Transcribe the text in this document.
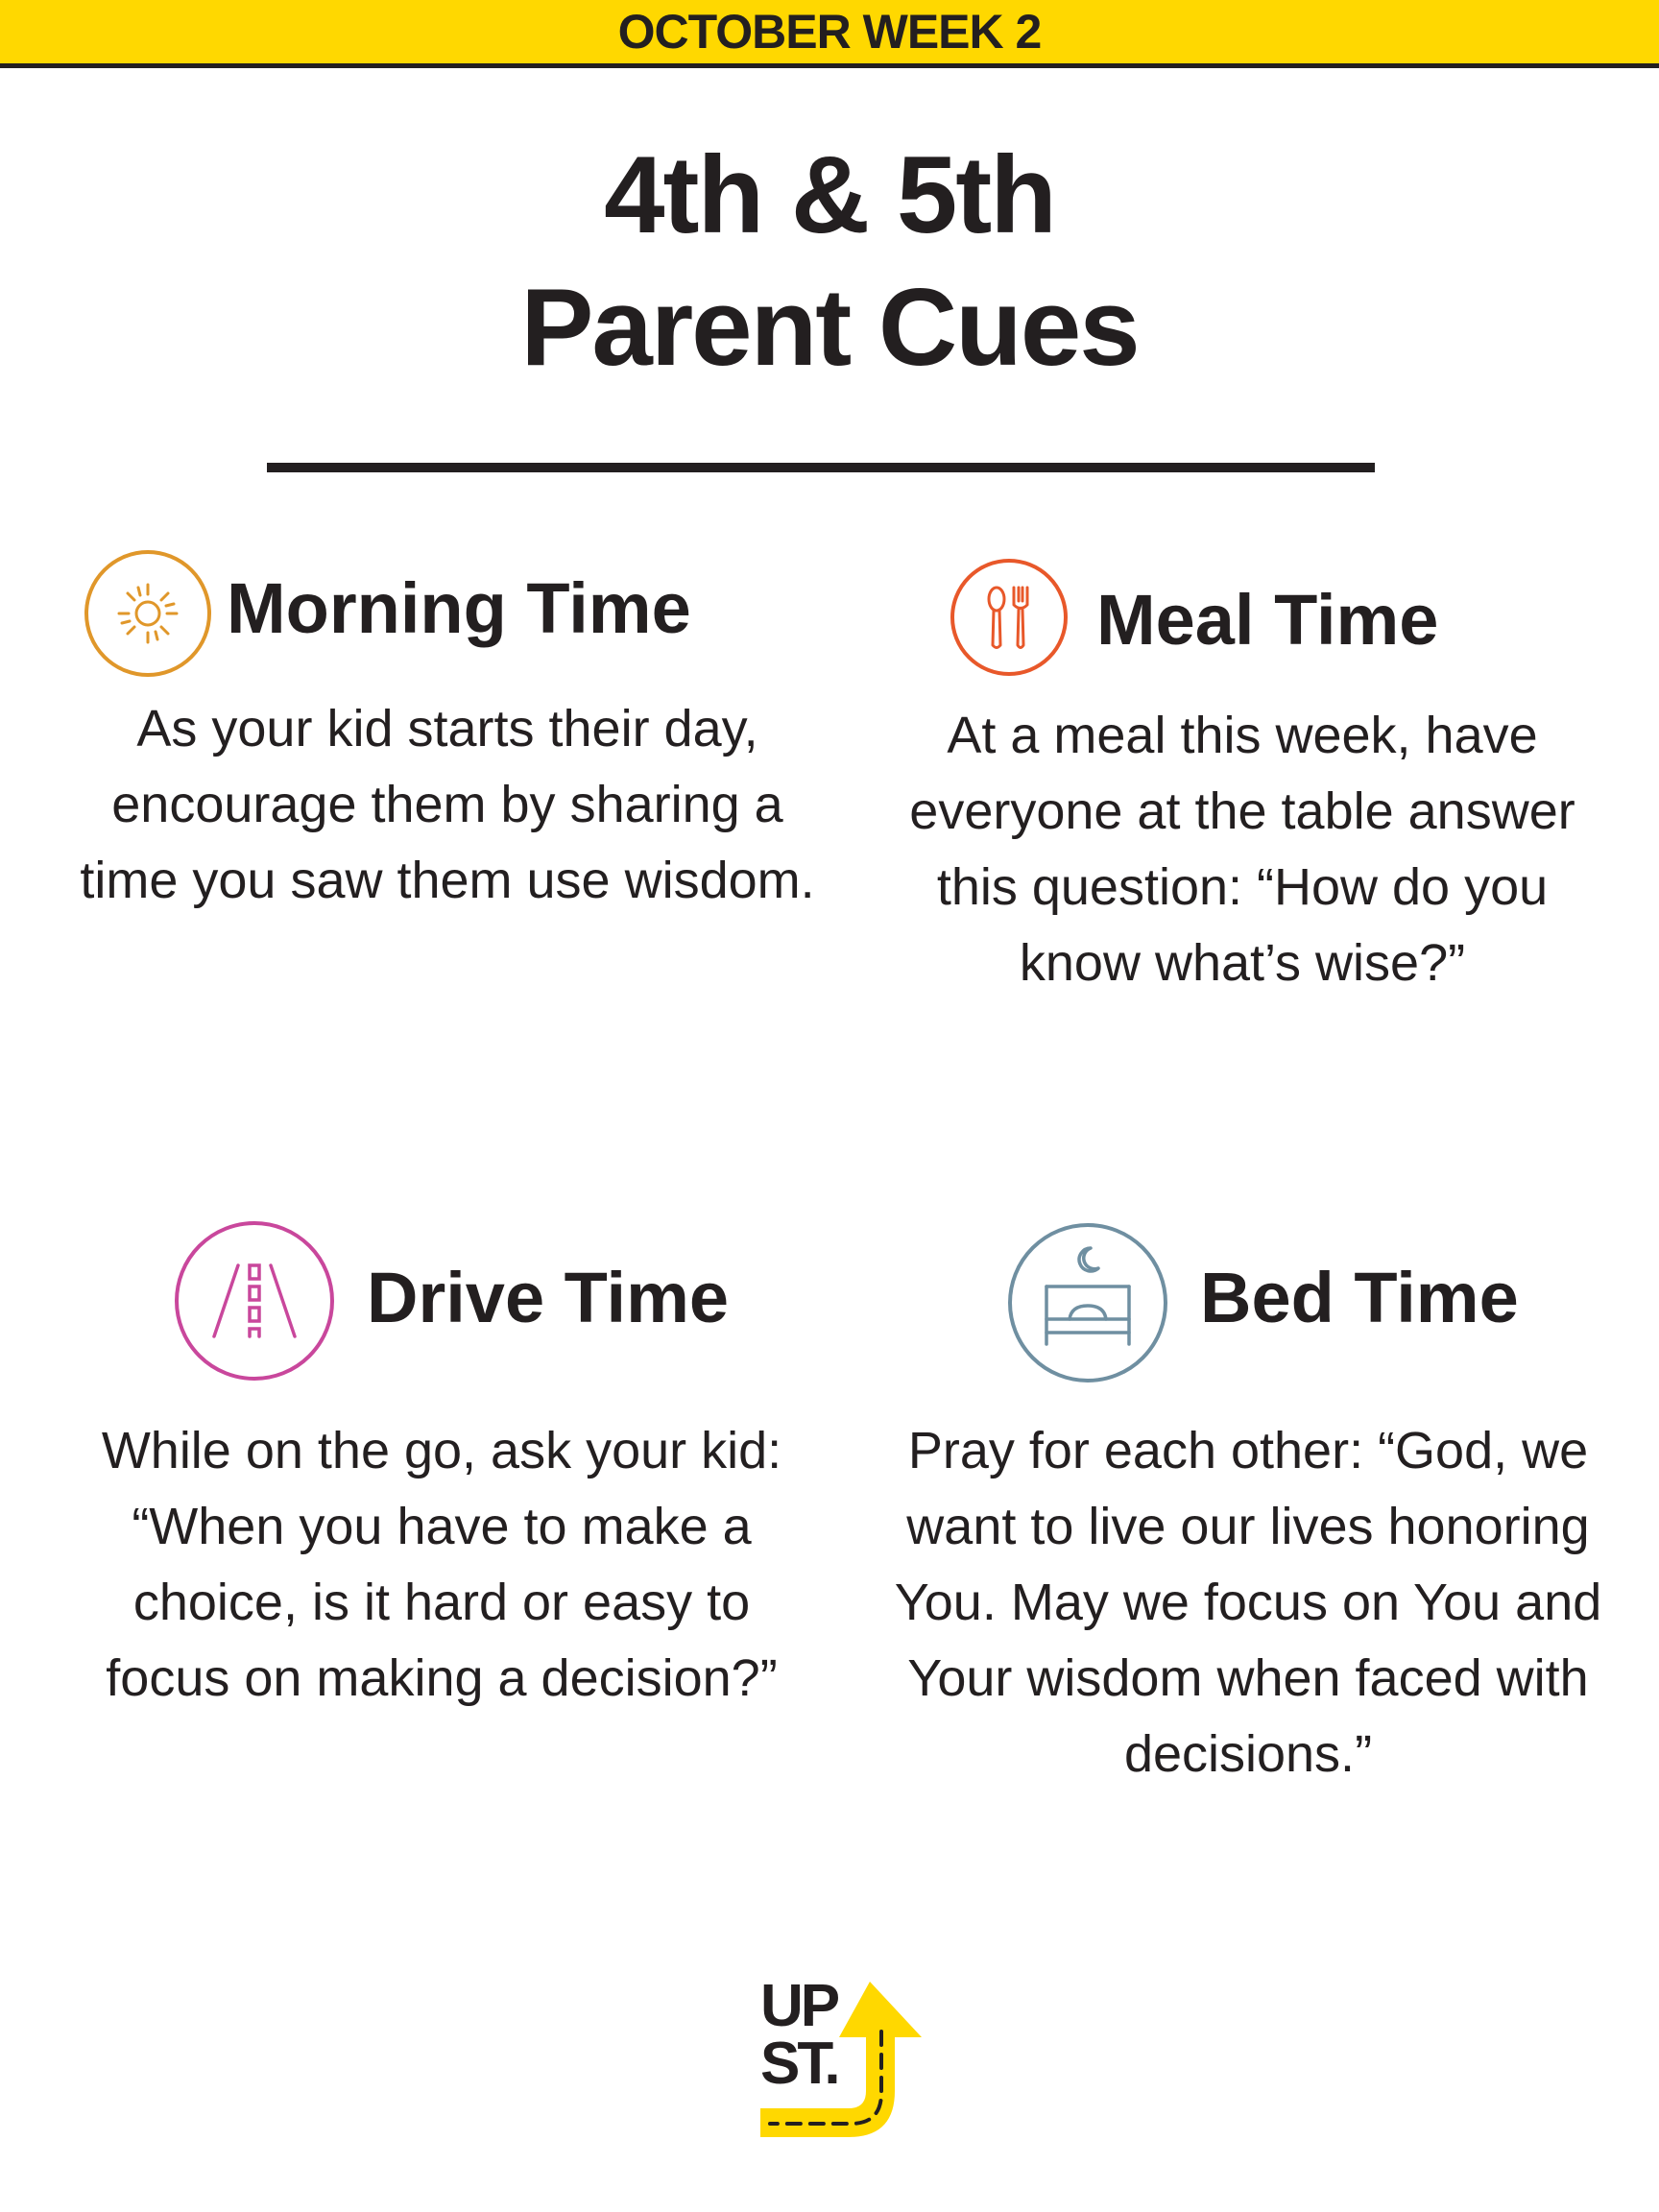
OCTOBER WEEK 2
4th & 5th
Parent Cues
Morning Time
As your kid starts their day, encourage them by sharing a time you saw them use wisdom.
Meal Time
At a meal this week, have everyone at the table answer this question: “How do you know what’s wise?”
Drive Time
While on the go, ask your kid: “When you have to make a choice, is it hard or easy to focus on making a decision?”
Bed Time
Pray for each other: “God, we want to live our lives honoring You. May we focus on You and Your wisdom when faced with decisions.”
UP
ST.
